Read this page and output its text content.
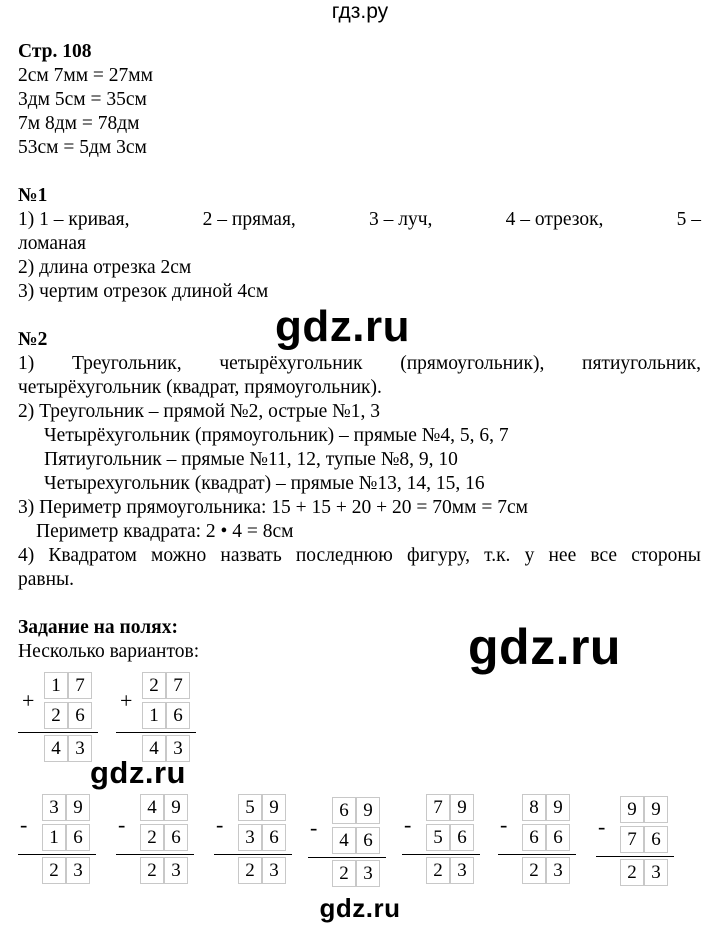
гдз.ру
Стр. 108
2см 7мм = 27мм
3дм 5см = 35см
7м 8дм = 78дм
53см = 5дм 3см
№1
1) 1 – кривая,	2 – прямая,	3 – луч,	4 – отрезок,	5 –
ломаная
2) длина отрезка 2см
3) чертим отрезок длиной 4см
gdz.ru
№2
1) Треугольник, четырёхугольник (прямоугольник), пятиугольник,
четырёхугольник (квадрат, прямоугольник).
2) Треугольник – прямой №2, острые №1, 3
Четырёхугольник (прямоугольник) – прямые №4, 5, 6, 7
Пятиугольник – прямые №11, 12, тупые №8, 9, 10
Четырехугольник (квадрат) – прямые №13, 14, 15, 16
3) Периметр прямоугольника: 15 + 15 + 20 + 20 = 70мм = 7см
Периметр квадрата: 2 • 4 = 8см
4) Квадратом можно назвать последнюю фигуру, т.к. у нее все стороны
равны.
Задание на полях:
Несколько вариантов:	gdz.ru
+
1 7
2 6
4 3
+
2 7
1 6
4 3
gdz.ru
-
3 9
1 6
2 3
-
4 9
2 6
2 3
-
5 9
3 6
2 3
-
6 9
4 6
2 3
-
7 9
5 6
2 3
-
8 9
6 6
2 3
-
9 9
7 6
2 3
gdz.ru
